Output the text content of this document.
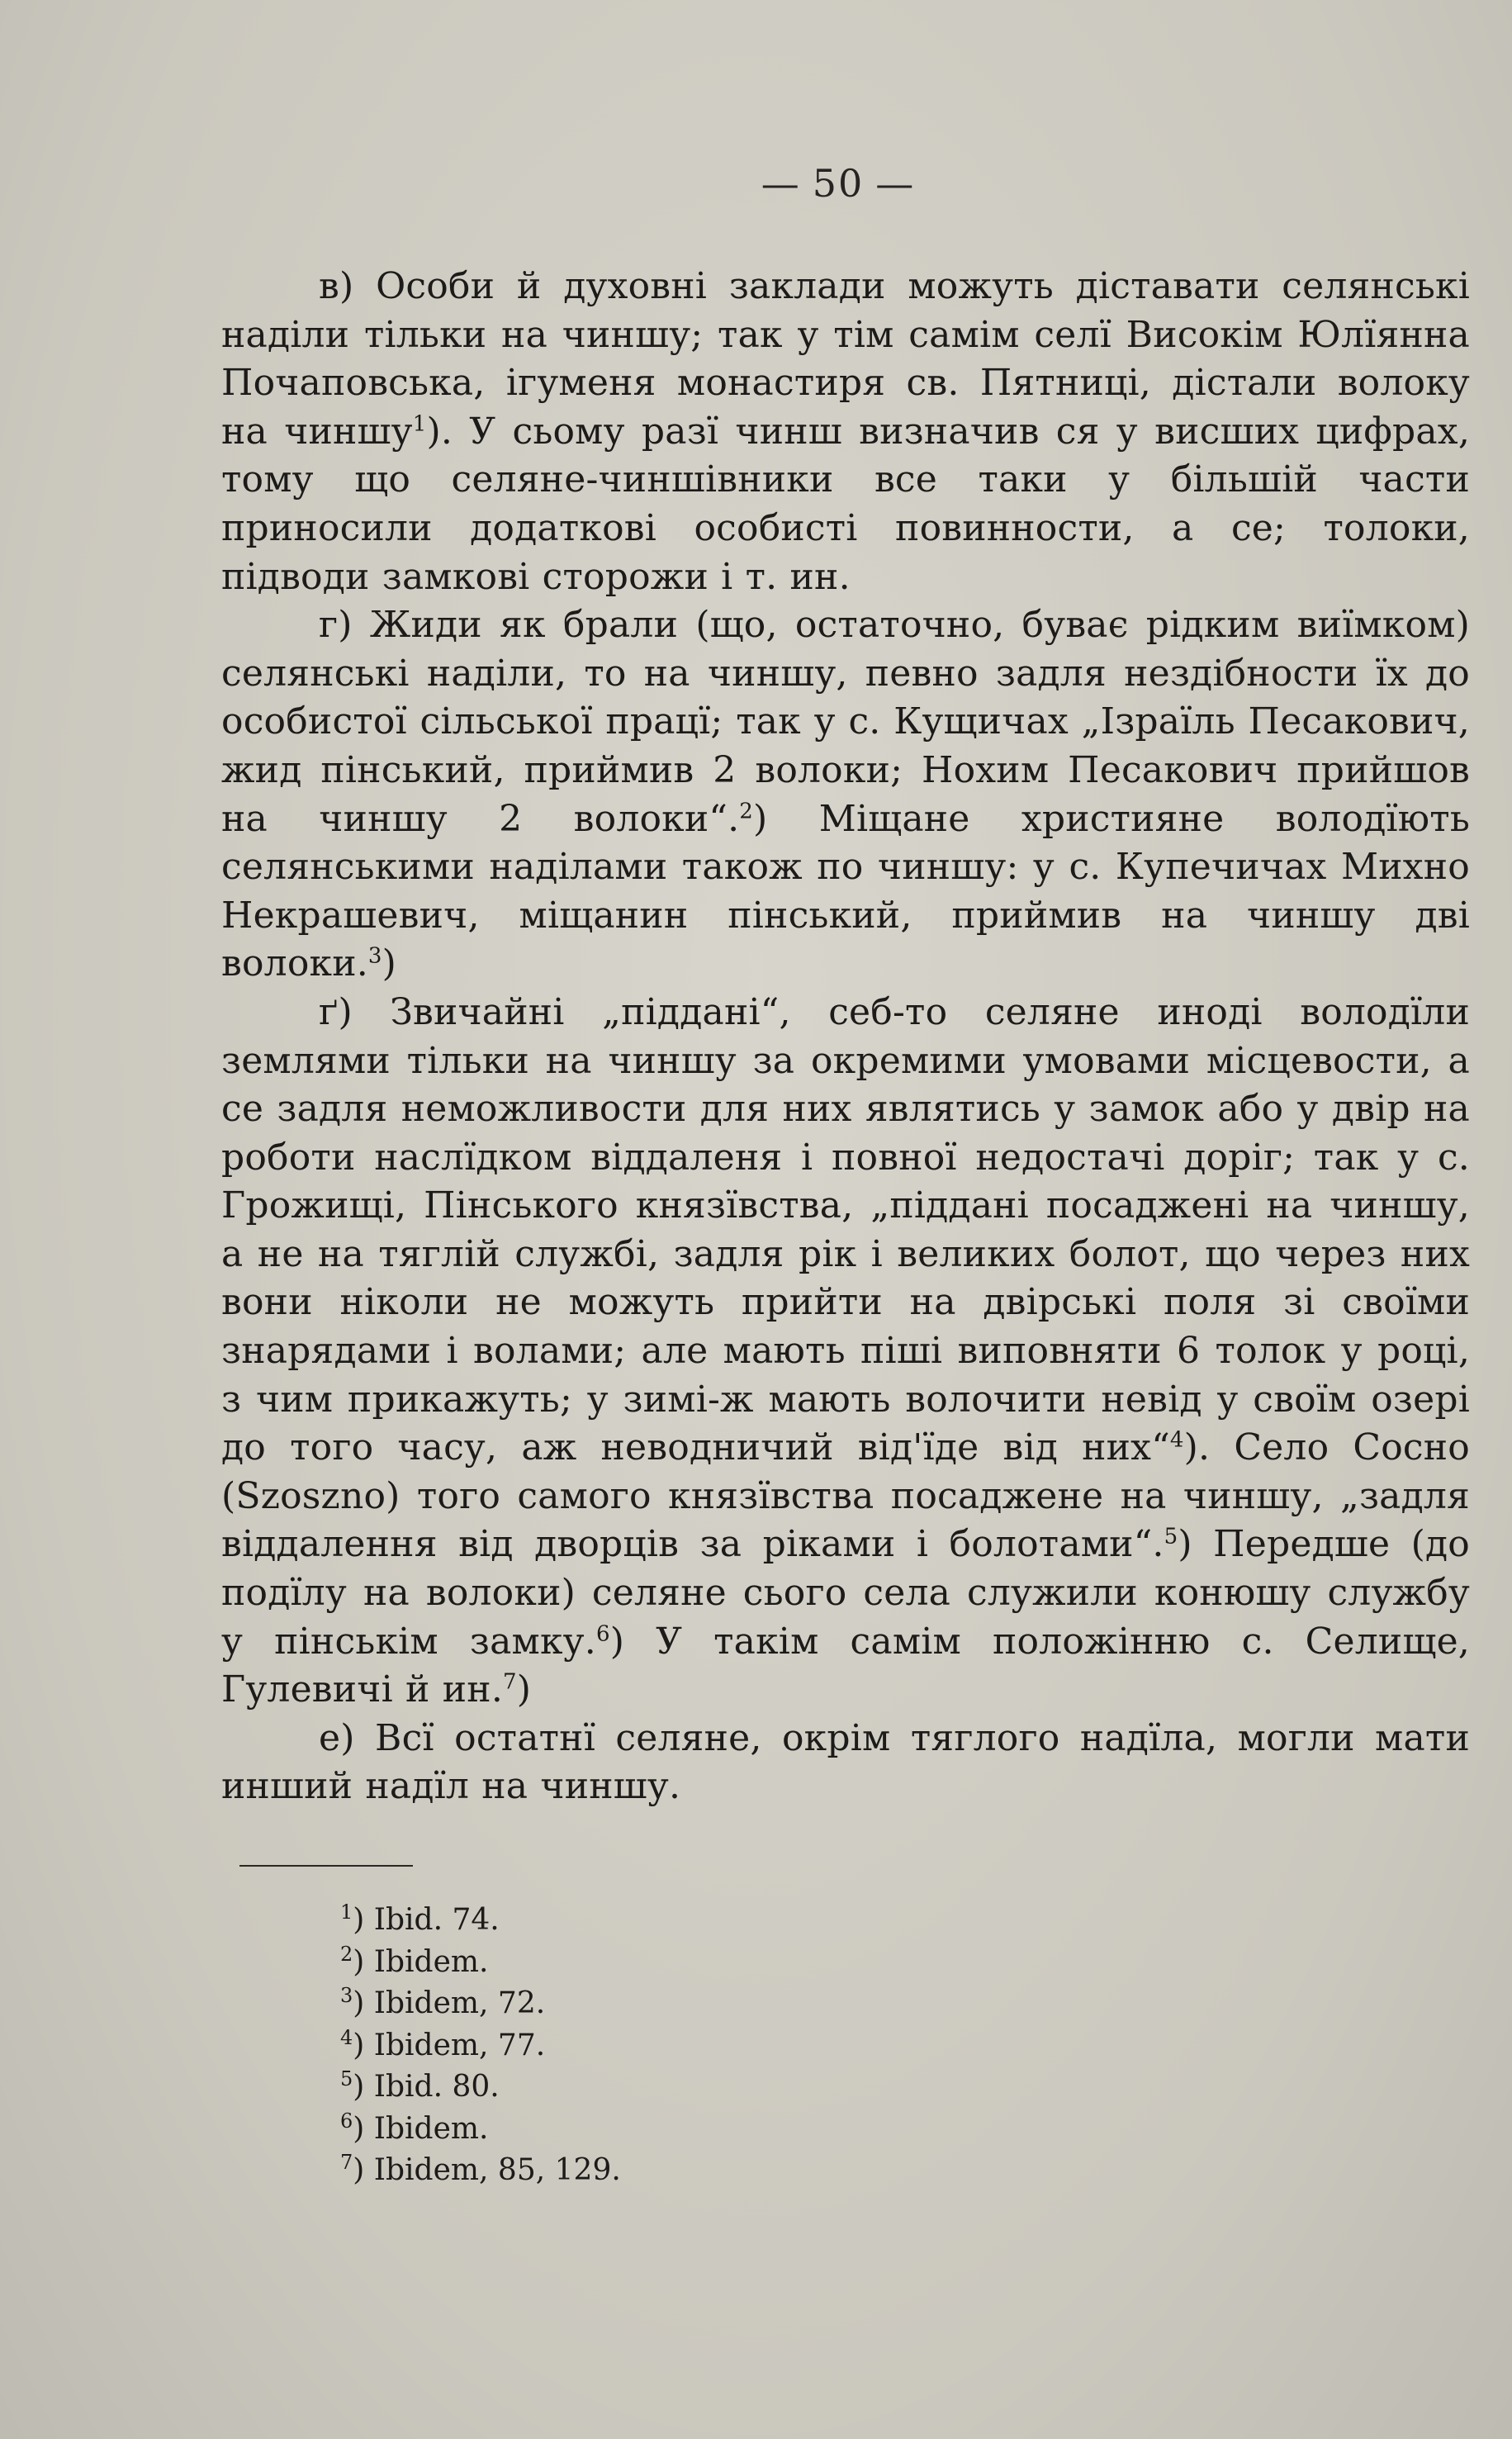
— 50 —

в) Особи й духовні заклади можуть діставати селянські наділи тільки на чиншу; так у тім самім селї Високім Юлїянна Почаповська, ігуменя монастиря св. Пятниці, дістали волоку на чиншу$^1$). У сьому разї чинш визначив ся у висших цифрах, тому що селяне-чиншівники все таки у більшій части приносили додаткові особисті повинности, а се; толоки, підводи замкові сторожи і т. ин.

г) Жиди як брали (що, остаточно, буває рідким виїмком) селянські наділи, то на чиншу, певно задля нездібности їх до особистої сільської працї; так у с. Кущичах „Ізраїль Песакович, жид пінський, приймив 2 волоки; Нохим Песакович прийшов на чиншу 2 волоки“.$^2$) Міщане християне володїють селянськими наділами також по чиншу: у с. Купечичах Михно Некрашевич, міщанин пінський, приймив на чиншу дві волоки.$^3$)

ґ) Звичайні „піддані“, себ-то селяне иноді володїли землями тільки на чиншу за окремими умовами місцевости, а се задля неможливости для них являтись у замок або у двір на роботи наслїдком віддаленя і повної недостачі доріг; так у с. Грожищі, Пінського князївства, „піддані посаджені на чиншу, а не на тяглій службі, задля рік і великих болот, що через них вони ніколи не можуть прийти на двірські поля зі своїми знарядами і волами; але мають піші виповняти 6 толок у році, з чим прикажуть; у зимі-ж мають волочити невід у своїм озері до того часу, аж неводничий від'їде від них“$^4$). Село Сосно (Szoszno) того самого князївства посаджене на чиншу, „задля віддалення від дворців за ріками і болотами“.$^5$) Передше (до подїлу на волоки) селяне сього села служили конюшу службу у пінськім замку.$^6$) У такім самім положінню с. Селище, Гулевичі й ин.$^7$)

е) Всї остатнї селяне, окрім тяглого надїла, могли мати инший надїл на чиншу.

$^1$) Ibid. 74.
$^2$) Ibidem.
$^3$) Ibidem, 72.
$^4$) Ibidem, 77.
$^5$) Ibid. 80.
$^6$) Ibidem.
$^7$) Ibidem, 85, 129.
